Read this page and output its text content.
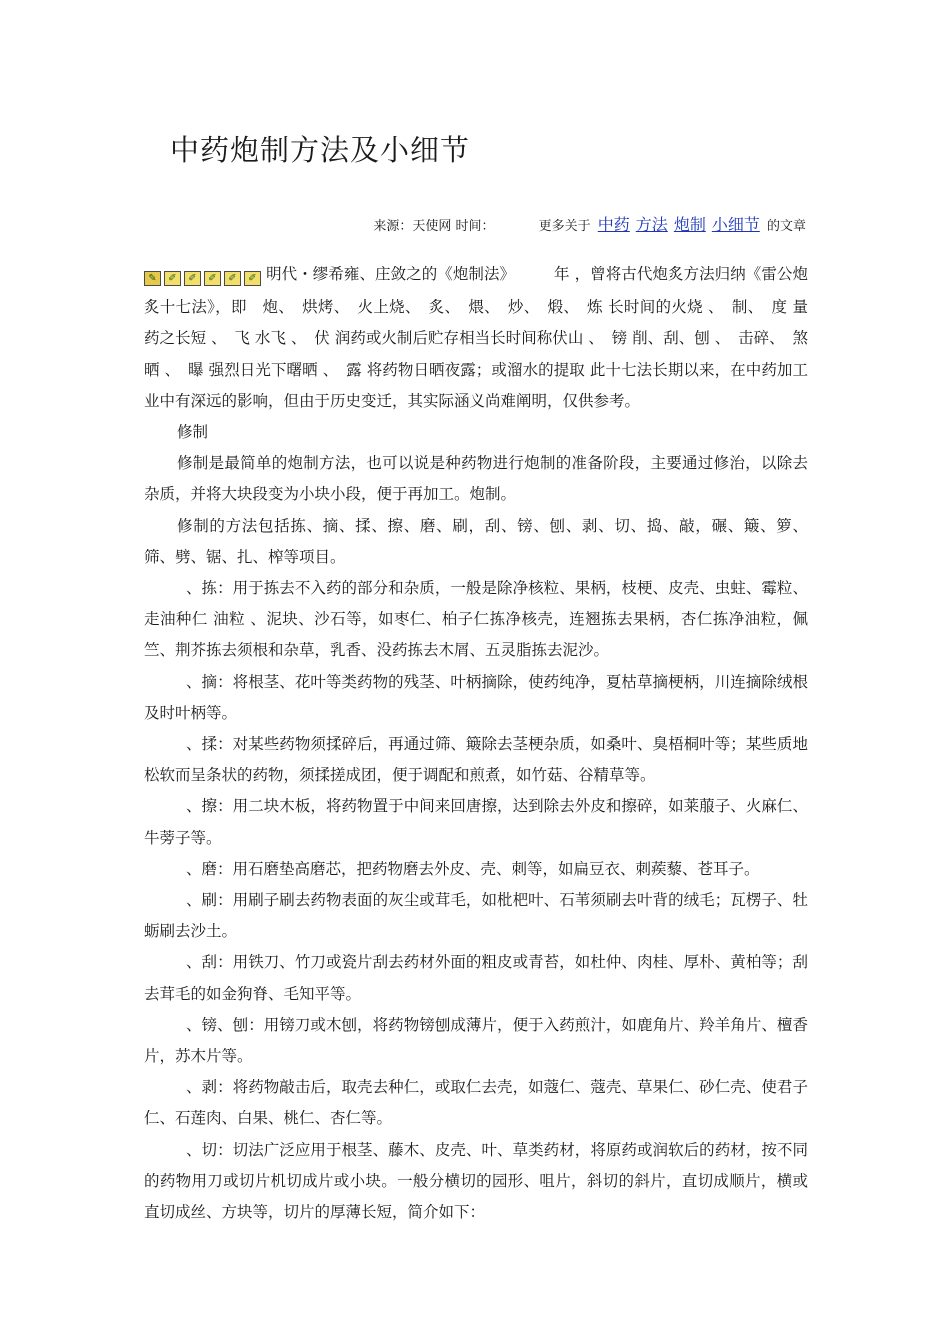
中药炮制方法及小细节
来源：天使网 时间：	更多关于 中药 方法 炮制 小细节 的文章

✎ ✐ ✐ ✐ ✐ ✐ 明代・缪希雍、庄敛之的《炮制法》　　　年 ，曾将古代炮炙方法归纳《雷公炮炙十七法》，即　炮、　烘烤、　火上烧、　炙、　煨、　炒、　煅、　炼 长时间的火烧 、　制、　度 量药之长短 、　飞 水飞 、　伏 润药或火制后贮存相当长时间称伏山 、　镑 削、刮、刨 、　击碎、　煞 晒 、　曝 强烈日光下曙晒 、　露 将药物日晒夜露；或溜水的提取 此十七法长期以来，在中药加工业中有深远的影响，但由于历史变迁，其实际涵义尚难阐明，仅供参考。

修制

修制是最简单的炮制方法，也可以说是种药物进行炮制的准备阶段，主要通过修治，以除去杂质，并将大块段变为小块小段，便于再加工。炮制。

修制的方法包括拣、摘、揉、擦、磨、刷，刮、镑、刨、剥、切、捣、敲，碾、簸、箩、筛、劈、锯、扎、榨等项目。

、拣：用于拣去不入药的部分和杂质，一般是除净核粒、果柄，枝梗、皮壳、虫蛀、霉粒、走油种仁 油粒 、泥块、沙石等，如枣仁、柏子仁拣净核壳，连翘拣去果柄，杏仁拣净油粒，佩竺、荆芥拣去须根和杂草，乳香、没药拣去木屑、五灵脂拣去泥沙。

、摘：将根茎、花叶等类药物的残茎、叶柄摘除，使药纯净，夏枯草摘梗柄，川连摘除绒根及时叶柄等。

、揉：对某些药物须揉碎后，再通过筛、簸除去茎梗杂质，如桑叶、臭梧桐叶等；某些质地松软而呈条状的药物，须揉搓成团，便于调配和煎煮，如竹菇、谷精草等。

、擦：用二块木板，将药物置于中间来回唐擦，达到除去外皮和擦碎，如莱菔子、火麻仁、牛蒡子等。

、磨：用石磨垫高磨芯，把药物磨去外皮、壳、刺等，如扁豆衣、刺蒺藜、苍耳子。

、刷：用刷子刷去药物表面的灰尘或茸毛，如枇杷叶、石苇须刷去叶背的绒毛；瓦楞子、牡蛎刷去沙土。

、刮：用铁刀、竹刀或瓷片刮去药材外面的粗皮或青苔，如杜仲、肉桂、厚朴、黄柏等；刮去茸毛的如金狗脊、毛知平等。

、镑、刨：用镑刀或木刨，将药物镑刨成薄片，便于入药煎汁，如鹿角片、羚羊角片、檀香片，苏木片等。

、剥：将药物敲击后，取壳去种仁，或取仁去壳，如蔻仁、蔻壳、草果仁、砂仁壳、使君子仁、石莲肉、白果、桃仁、杏仁等。

、切：切法广泛应用于根茎、藤木、皮壳、叶、草类药材，将原药或润软后的药材，按不同的药物用刀或切片机切成片或小块。一般分横切的园形、咀片，斜切的斜片，直切成顺片，横或直切成丝、方块等，切片的厚薄长短，简介如下：
